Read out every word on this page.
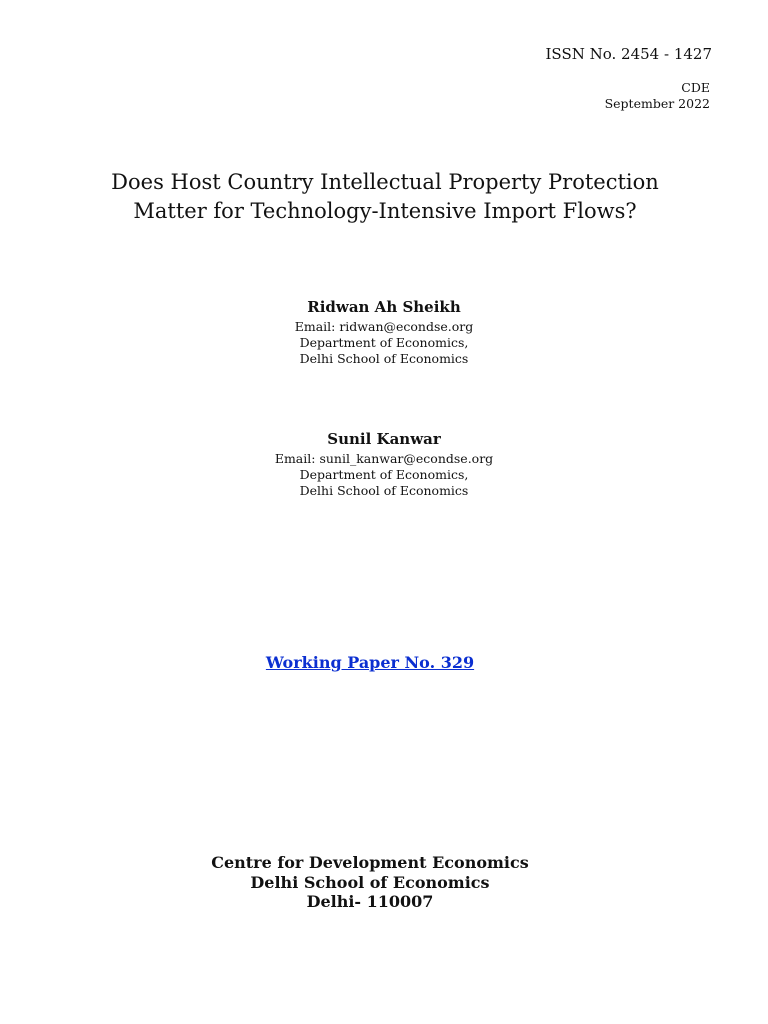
ISSN No. 2454 - 1427
CDE
September 2022
Does Host Country Intellectual Property Protection
Matter for Technology-Intensive Import Flows?
Ridwan Ah Sheikh
Email: ridwan@econdse.org
Department of Economics,
Delhi School of Economics
Sunil Kanwar
Email: sunil_kanwar@econdse.org
Department of Economics,
Delhi School of Economics
Working Paper No. 329
Centre for Development Economics
Delhi School of Economics
Delhi- 110007
